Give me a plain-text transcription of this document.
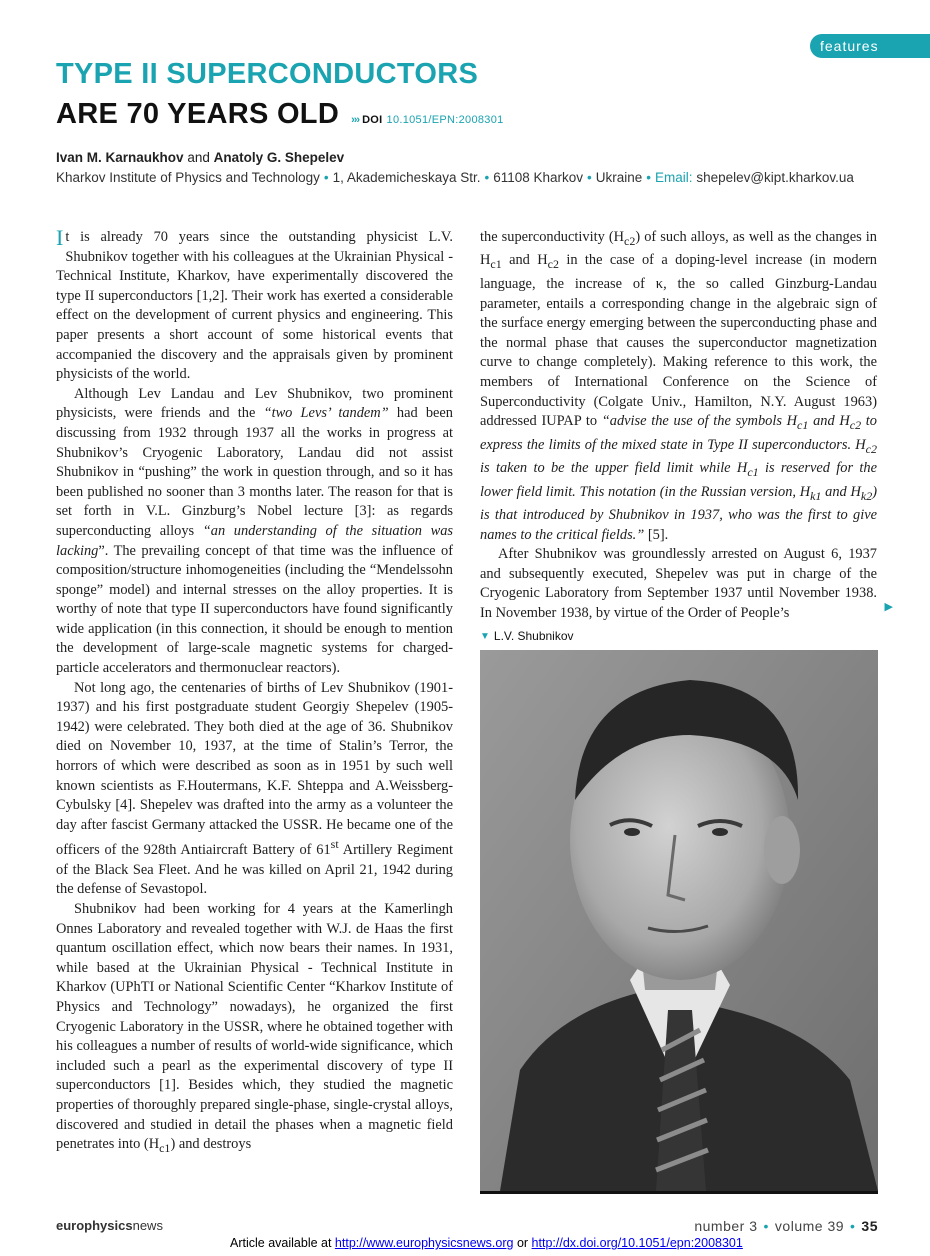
features
TYPE II SUPERCONDUCTORS
ARE 70 YEARS OLD ››› DOI 10.1051/EPN:2008301
Ivan M. Karnaukhov and Anatoly G. Shepelev
Kharkov Institute of Physics and Technology • 1, Akademicheskaya Str. • 61108 Kharkov • Ukraine • Email: shepelev@kipt.kharkov.ua

It is already 70 years since the outstanding physicist L.V. Shubnikov together with his colleagues at the Ukrainian Physical - Technical Institute, Kharkov, have experimentally discovered the type II superconductors [1,2]. Their work has exerted a considerable effect on the development of current physics and engineering. This paper presents a short account of some historical events that accompanied the discovery and the appraisals given by prominent physicists of the world.

Although Lev Landau and Lev Shubnikov, two prominent physicists, were friends and the “two Levs’ tandem” had been discussing from 1932 through 1937 all the works in progress at Shubnikov’s Cryogenic Laboratory, Landau did not assist Shubnikov in “pushing” the work in question through, and so it has been published no sooner than 3 months later. The reason for that is set forth in V.L. Ginzburg’s Nobel lecture [3]: as regards superconducting alloys “an understanding of the situation was lacking”. The prevailing concept of that time was the influence of composition/structure inhomogeneities (including the “Mendelssohn sponge” model) and internal stresses on the alloy properties. It is worthy of note that type II superconductors have found significantly wide application (in this connection, it should be enough to mention the development of large-scale magnetic systems for charged-particle accelerators and thermonuclear reactors).

Not long ago, the centenaries of births of Lev Shubnikov (1901-1937) and his first postgraduate student Georgiy Shepelev (1905-1942) were celebrated. They both died at the age of 36. Shubnikov died on November 10, 1937, at the time of Stalin’s Terror, the horrors of which were described as soon as in 1951 by such well known scientists as F.Houtermans, K.F. Shteppa and A.Weissberg-Cybulsky [4]. Shepelev was drafted into the army as a volunteer the day after fascist Germany attacked the USSR. He became one of the officers of the 928th Antiaircraft Battery of 61st Artillery Regiment of the Black Sea Fleet. And he was killed on April 21, 1942 during the defense of Sevastopol.

Shubnikov had been working for 4 years at the Kamerlingh Onnes Laboratory and revealed together with W.J. de Haas the first quantum oscillation effect, which now bears their names. In 1931, while based at the Ukrainian Physical - Technical Institute in Kharkov (UPhTI or National Scientific Center “Kharkov Institute of Physics and Technology” nowadays), he organized the first Cryogenic Laboratory in the USSR, where he obtained together with his colleagues a number of results of world-wide significance, which included such a pearl as the experimental discovery of type II superconductors [1]. Besides which, they studied the magnetic properties of thoroughly prepared single-phase, single-crystal alloys, discovered and studied in detail the phases when a magnetic field penetrates into $(H_{c1})$ and destroys

the superconductivity $(H_{c2})$ of such alloys, as well as the changes in $H_{c1}$ and $H_{c2}$ in the case of a doping-level increase (in modern language, the increase of κ, the so called Ginzburg-Landau parameter, entails a corresponding change in the algebraic sign of the surface energy emerging between the superconducting phase and the normal phase that causes the superconductor magnetization curve to change completely). Making reference to this work, the members of International Conference on the Science of Superconductivity (Colgate Univ., Hamilton, N.Y. August 1963) addressed IUPAP to “advise the use of the symbols $H_{c1}$ and $H_{c2}$ to express the limits of the mixed state in Type II superconductors. $H_{c2}$ is taken to be the upper field limit while $H_{c1}$ is reserved for the lower field limit. This notation (in the Russian version, $H_{k1}$ and $H_{k2}$) is that introduced by Shubnikov in 1937, who was the first to give names to the critical fields.” [5].

After Shubnikov was groundlessly arrested on August 6, 1937 and subsequently executed, Shepelev was put in charge of the Cryogenic Laboratory from September 1937 until November 1938. In November 1938, by virtue of the Order of People’s	▶

▼ L.V. Shubnikov
europhysicsnews	number 3 • volume 39 • 35
Article available at http://www.europhysicsnews.org or http://dx.doi.org/10.1051/epn:2008301
